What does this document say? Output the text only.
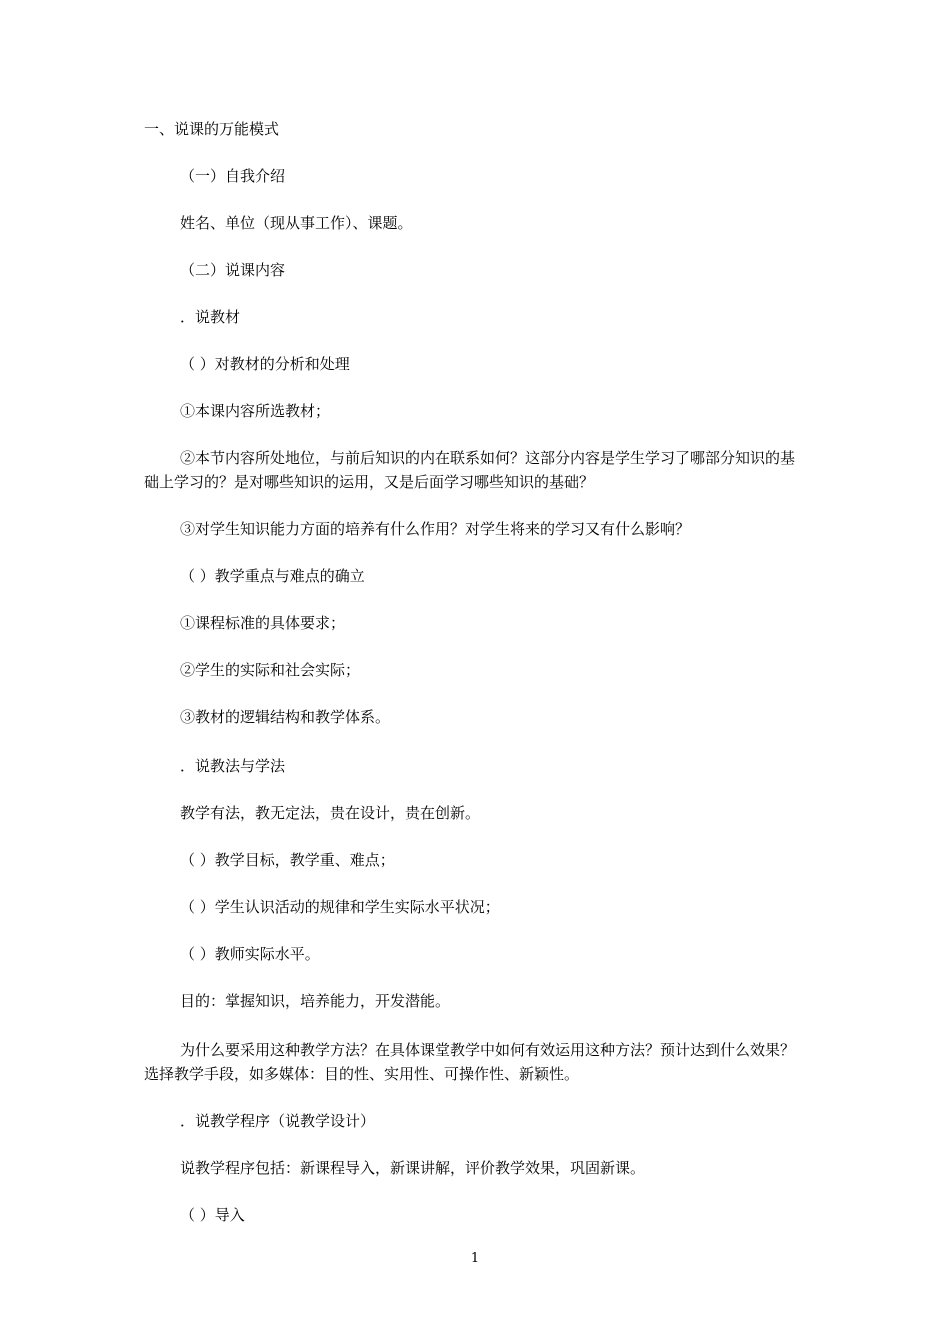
一、说课的万能模式
（一）自我介绍
姓名、单位（现从事工作）、课题。
（二）说课内容
．说教材
（ ）对教材的分析和处理
①本课内容所选教材；
②本节内容所处地位，与前后知识的内在联系如何？这部分内容是学生学习了哪部分知识的基础上学习的？是对哪些知识的运用，又是后面学习哪些知识的基础？
③对学生知识能力方面的培养有什么作用？对学生将来的学习又有什么影响？
（ ）教学重点与难点的确立
①课程标准的具体要求；
②学生的实际和社会实际；
③教材的逻辑结构和教学体系。
．说教法与学法
教学有法，教无定法，贵在设计，贵在创新。
（ ）教学目标，教学重、难点；
（ ）学生认识活动的规律和学生实际水平状况；
（ ）教师实际水平。
目的：掌握知识，培养能力，开发潜能。
为什么要采用这种教学方法？在具体课堂教学中如何有效运用这种方法？预计达到什么效果？选择教学手段，如多媒体：目的性、实用性、可操作性、新颖性。
．说教学程序（说教学设计）
说教学程序包括：新课程导入，新课讲解，评价教学效果，巩固新课。
（ ）导入
1
